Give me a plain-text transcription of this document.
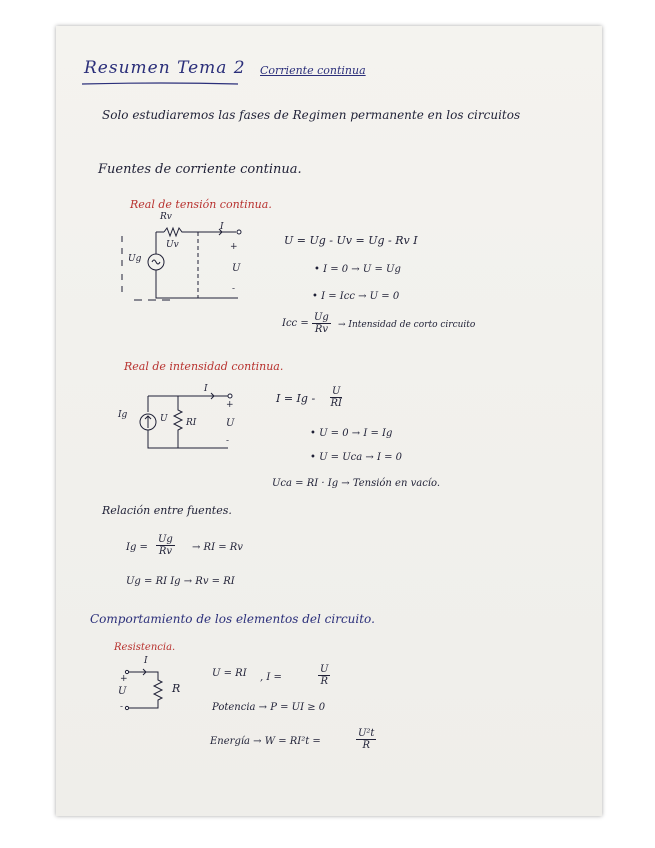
Resumen Tema 2 Corriente continua
Solo estudiaremos las fases de Regimen permanente en los circuitos
Fuentes de corriente continua.
Real de tensión continua.
Rv
Uv
Ug
I
+
U
-
U = Ug - Uv = Ug - Rv I
• I = 0 → U = Ug
• I = Icc → U = 0
Icc = $\frac{Ug}{Rv}$ → Intensidad de corto circuito
Real de intensidad continua.
Ig	U RI
I
+
U
-
$I = Ig - \frac{U}{RI}$
• U = 0 → I = Ig
• U = Uca → I = 0
Uca = RI · Ig → Tensión en vacío.
Relación entre fuentes.
$Ig = \frac{Ug}{Rv}$ → RI = Rv
Ug = RI Ig → Rv = RI
Comportamiento de los elementos del circuito.
Resistencia.
I
+
U
-
R
U = RI , I =	$\frac{U}{R}$
Potencia → P = UI ≥ 0
Energía → W = RI²t =	$\frac{\text{U²t}}{R}$
